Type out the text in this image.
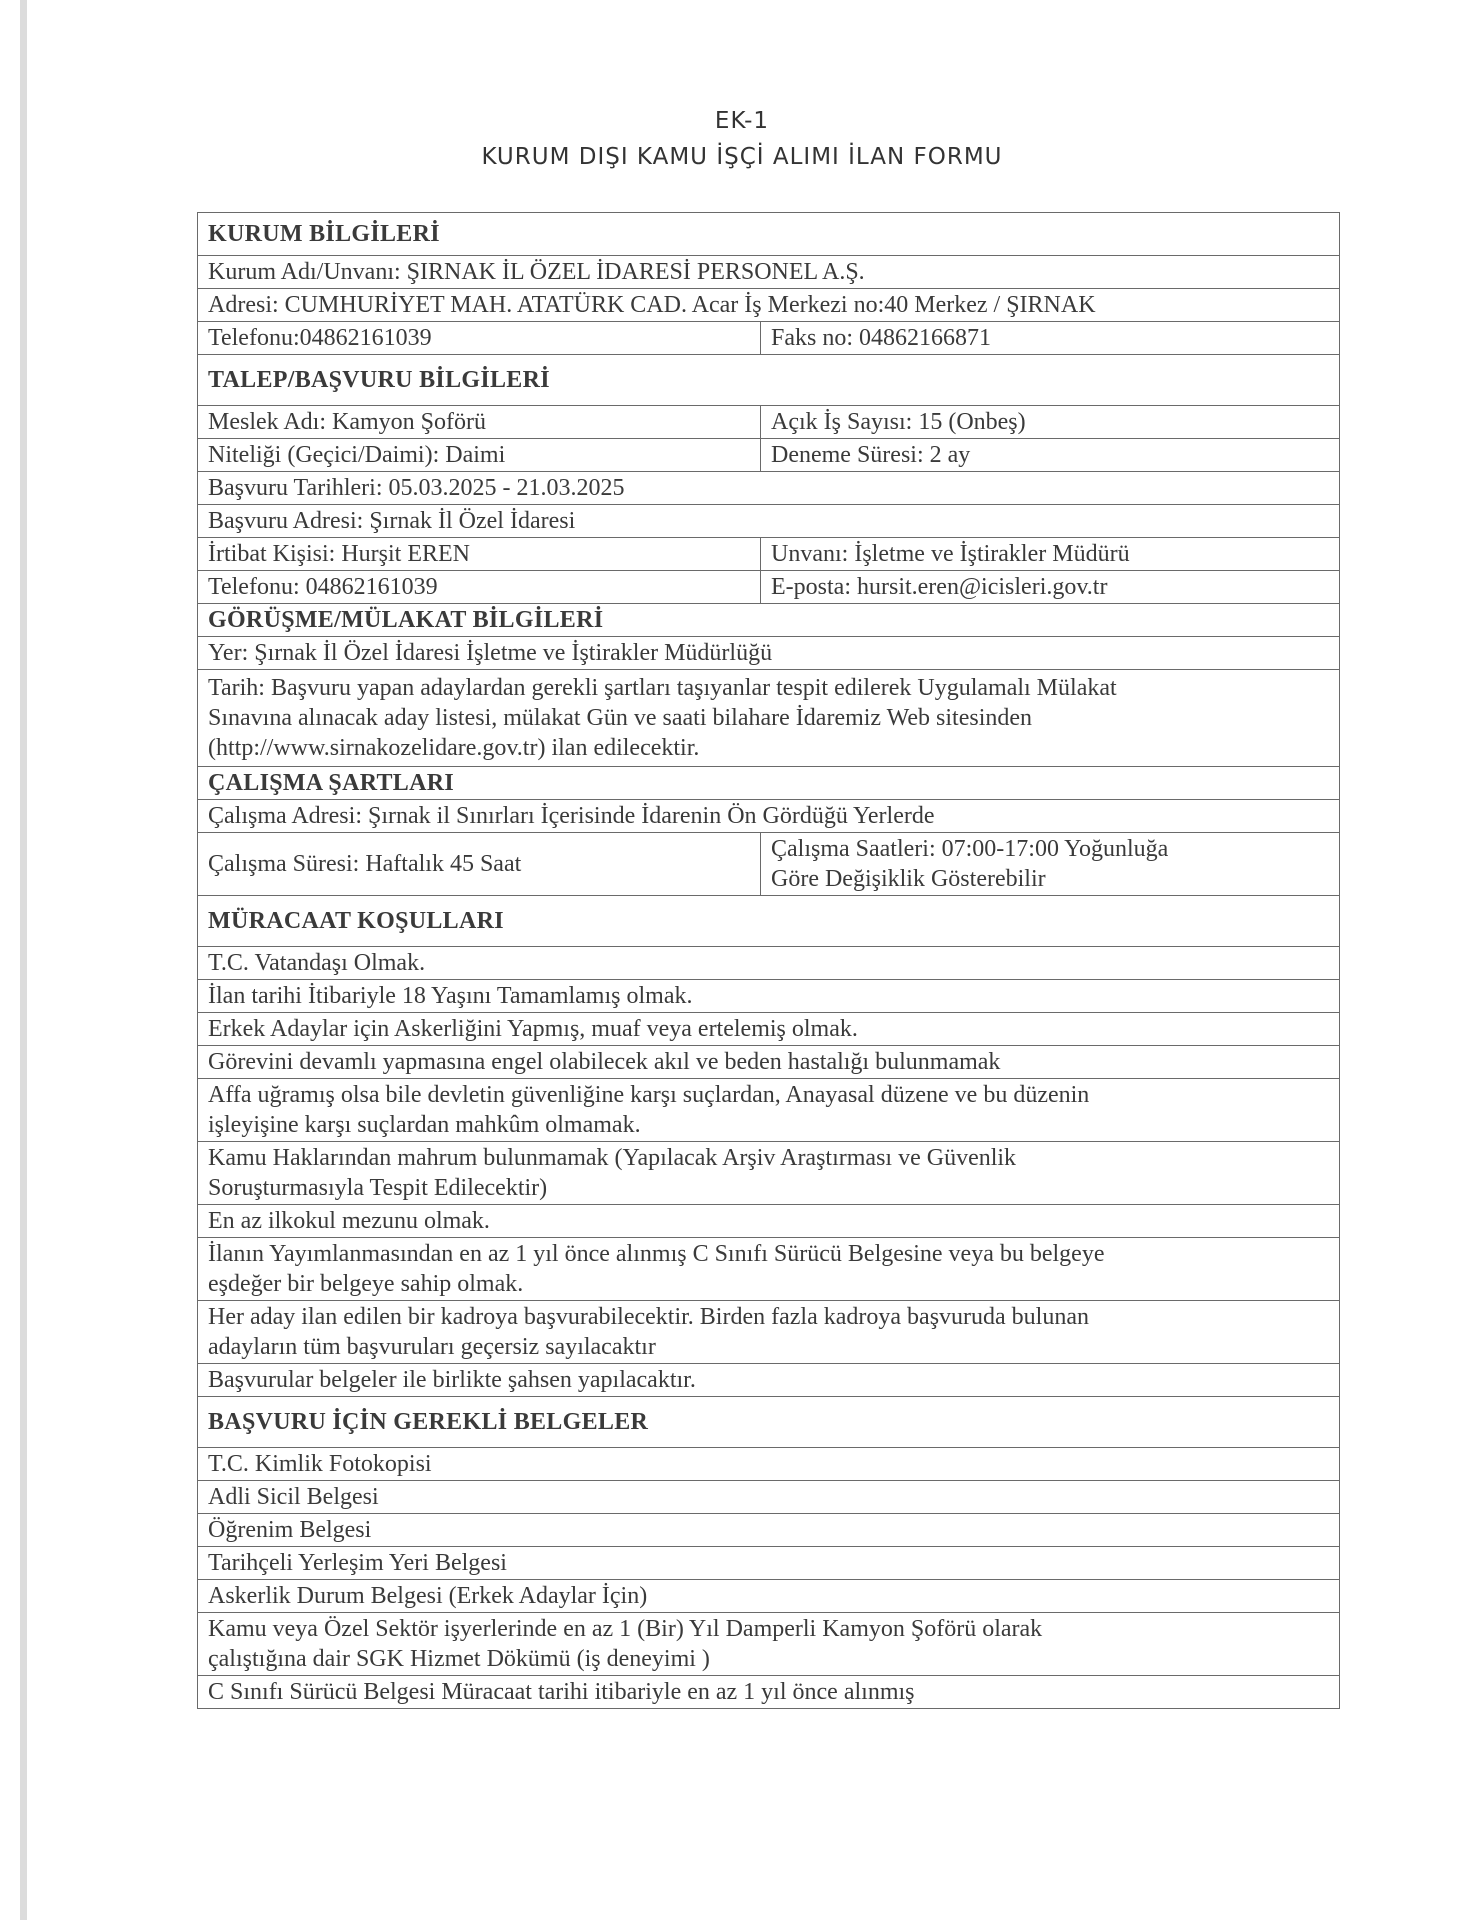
EK-1
KURUM DIŞI KAMU İŞÇİ ALIMI İLAN FORMU
KURUM BİLGİLERİ	
Kurum Adı/Unvanı: ŞIRNAK İL ÖZEL İDARESİ PERSONEL A.Ş.	
Adresi: CUMHURİYET MAH. ATATÜRK CAD. Acar İş Merkezi no:40 Merkez / ŞIRNAK	
Telefonu:04862161039	Faks no: 04862166871
TALEP/BAŞVURU BİLGİLERİ	
Meslek Adı: Kamyon Şoförü	Açık İş Sayısı: 15 (Onbeş)
Niteliği (Geçici/Daimi): Daimi	Deneme Süresi: 2 ay
Başvuru Tarihleri: 05.03.2025 - 21.03.2025	
Başvuru Adresi: Şırnak İl Özel İdaresi	
İrtibat Kişisi: Hurşit EREN	Unvanı: İşletme ve İştirakler Müdürü
Telefonu: 04862161039	E-posta: hursit.eren@icisleri.gov.tr
GÖRÜŞME/MÜLAKAT BİLGİLERİ	
Yer: Şırnak İl Özel İdaresi İşletme ve İştirakler Müdürlüğü	

Tarih: Başvuru yapan adaylardan gerekli şartları taşıyanlar tespit edilerek Uygulamalı Mülakat
Sınavına alınacak aday listesi, mülakat Gün ve saati bilahare İdaremiz Web sitesinden
(http://www.sirnakozelidare.gov.tr) ilan edilecektir.	

ÇALIŞMA ŞARTLARI	
Çalışma Adresi: Şırnak il Sınırları İçerisinde İdarenin Ön Gördüğü Yerlerde	
Çalışma Süresi: Haftalık 45 Saat	Çalışma Saatleri: 07:00-17:00 Yoğunluğa
Göre Değişiklik Gösterebilir

MÜRACAAT KOŞULLARI	

T.C. Vatandaşı Olmak.	

İlan tarihi İtibariyle 18 Yaşını Tamamlamış olmak.	

Erkek Adaylar için Askerliğini Yapmış, muaf veya ertelemiş olmak.	

Görevini devamlı yapmasına engel olabilecek akıl ve beden hastalığı bulunmamak	

Affa uğramış olsa bile devletin güvenliğine karşı suçlardan, Anayasal düzene ve bu düzenin
işleyişine karşı suçlardan mahkûm olmamak.	

Kamu Haklarından mahrum bulunmamak (Yapılacak Arşiv Araştırması ve Güvenlik
Soruşturmasıyla Tespit Edilecektir)	

En az ilkokul mezunu olmak.	

İlanın Yayımlanmasından en az 1 yıl önce alınmış C Sınıfı Sürücü Belgesine veya bu belgeye
eşdeğer bir belgeye sahip olmak.	

Her aday ilan edilen bir kadroya başvurabilecektir. Birden fazla kadroya başvuruda bulunan
adayların tüm başvuruları geçersiz sayılacaktır	

Başvurular belgeler ile birlikte şahsen yapılacaktır.	

BAŞVURU İÇİN GEREKLİ BELGELER	

T.C. Kimlik Fotokopisi	

Adli Sicil Belgesi	

Öğrenim Belgesi	

Tarihçeli Yerleşim Yeri Belgesi	

Askerlik Durum Belgesi (Erkek Adaylar İçin)	

Kamu veya Özel Sektör işyerlerinde en az 1 (Bir) Yıl Damperli Kamyon Şoförü olarak
çalıştığına dair SGK Hizmet Dökümü (iş deneyimi )	

C Sınıfı Sürücü Belgesi Müracaat tarihi itibariyle en az 1 yıl önce alınmış	
